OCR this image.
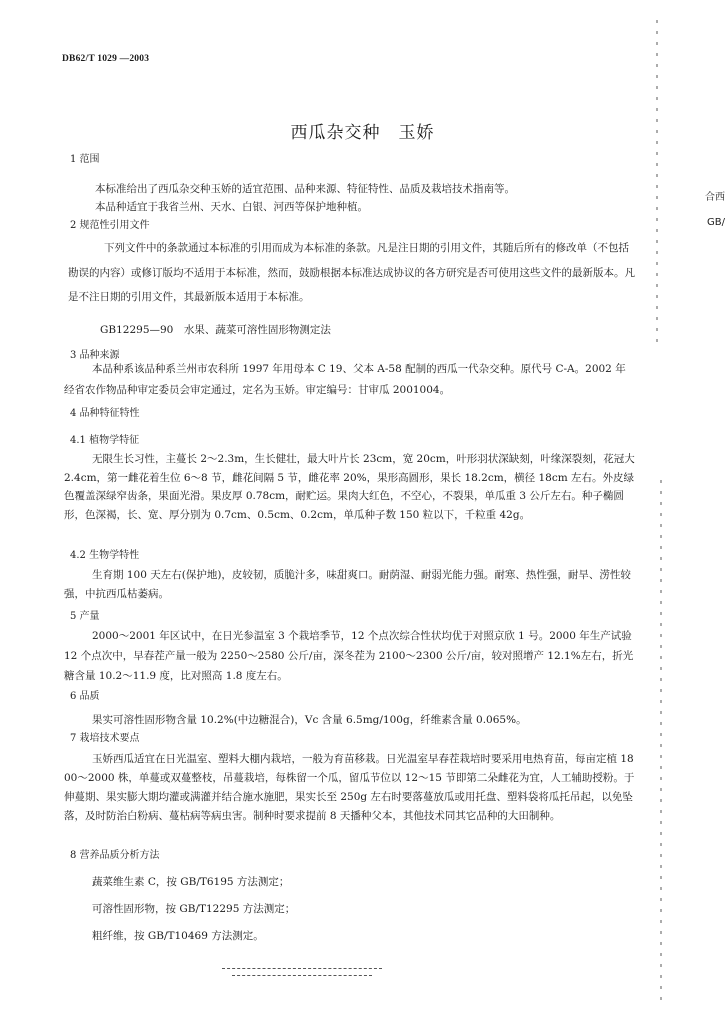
DB62/T 1029 —2003
西瓜杂交种　玉娇
合西
GB/
1 范围
本标准给出了西瓜杂交种玉娇的适宜范围、品种来源、特征特性、品质及栽培技术指南等。
本品种适宜于我省兰州、天水、白银、河西等保护地种植。
2 规范性引用文件
下列文件中的条款通过本标准的引用而成为本标准的条款。凡是注日期的引用文件，其随后所有的修改单（不包括勘误的内容）或修订版均不适用于本标准，然而，鼓励根据本标准达成协议的各方研究是否可使用这些文件的最新版本。凡是不注日期的引用文件，其最新版本适用于本标准。
GB12295—90　水果、蔬菜可溶性固形物测定法
3 品种来源
本品种系该品种系兰州市农科所 1997 年用母本 C 19、父本 A-58 配制的西瓜一代杂交种。原代号 C-A。2002 年经省农作物品种审定委员会审定通过，定名为玉娇。审定编号：甘审瓜 2001004。
4 品种特征特性
4.1 植物学特征
无限生长习性，主蔓长 2～2.3m，生长健壮，最大叶片长 23cm，宽 20cm，叶形羽状深缺刻，叶缘深裂刻，花冠大 2.4cm，第一雌花着生位 6～8 节，雌花间隔 5 节，雌花率 20%，果形高圆形，果长 18.2cm，横径 18cm 左右。外皮绿色覆盖深绿窄齿条，果面光滑。果皮厚 0.78cm，耐贮运。果肉大红色，不空心，不裂果，单瓜重 3 公斤左右。种子椭圆形，色深褐，长、宽、厚分别为 0.7cm、0.5cm、0.2cm，单瓜种子数 150 粒以下，千粒重 42g。
4.2 生物学特性
生育期 100 天左右(保护地)，皮较韧，质脆汁多，味甜爽口。耐荫湿、耐弱光能力强。耐寒、热性强，耐旱、涝性较强，中抗西瓜枯萎病。
5 产量
2000～2001 年区试中，在日光参温室 3 个栽培季节，12 个点次综合性状均优于对照京欣 1 号。2000 年生产试验 12 个点次中，早春茬产量一般为 2250～2580 公斤/亩，深冬茬为 2100～2300 公斤/亩，较对照增产 12.1%左右，折光糖含量 10.2～11.9 度，比对照高 1.8 度左右。
6 品质
果实可溶性固形物含量 10.2%(中边糖混合)，Vc 含量 6.5mg/100g，纤维素含量 0.065%。
7 栽培技术要点
玉娇西瓜适宜在日光温室、塑料大棚内栽培，一般为育苗移栽。日光温室早春茬栽培时要采用电热育苗，每亩定植 1800～2000 株，单蔓或双蔓整枝，吊蔓栽培，每株留一个瓜，留瓜节位以 12～15 节即第二朵雌花为宜，人工辅助授粉。于伸蔓期、果实膨大期均灌或满灌并结合施水施肥，果实长至 250g 左右时要落蔓放瓜或用托盘、塑料袋将瓜托吊起，以免坠落，及时防治白粉病、蔓枯病等病虫害。制种时要求提前 8 天播种父本，其他技术同其它品种的大田制种。
8 营养品质分析方法
蔬菜维生素 C，按 GB/T6195 方法测定；
可溶性固形物，按 GB/T12295 方法测定；
粗纤维，按 GB/T10469 方法测定。
